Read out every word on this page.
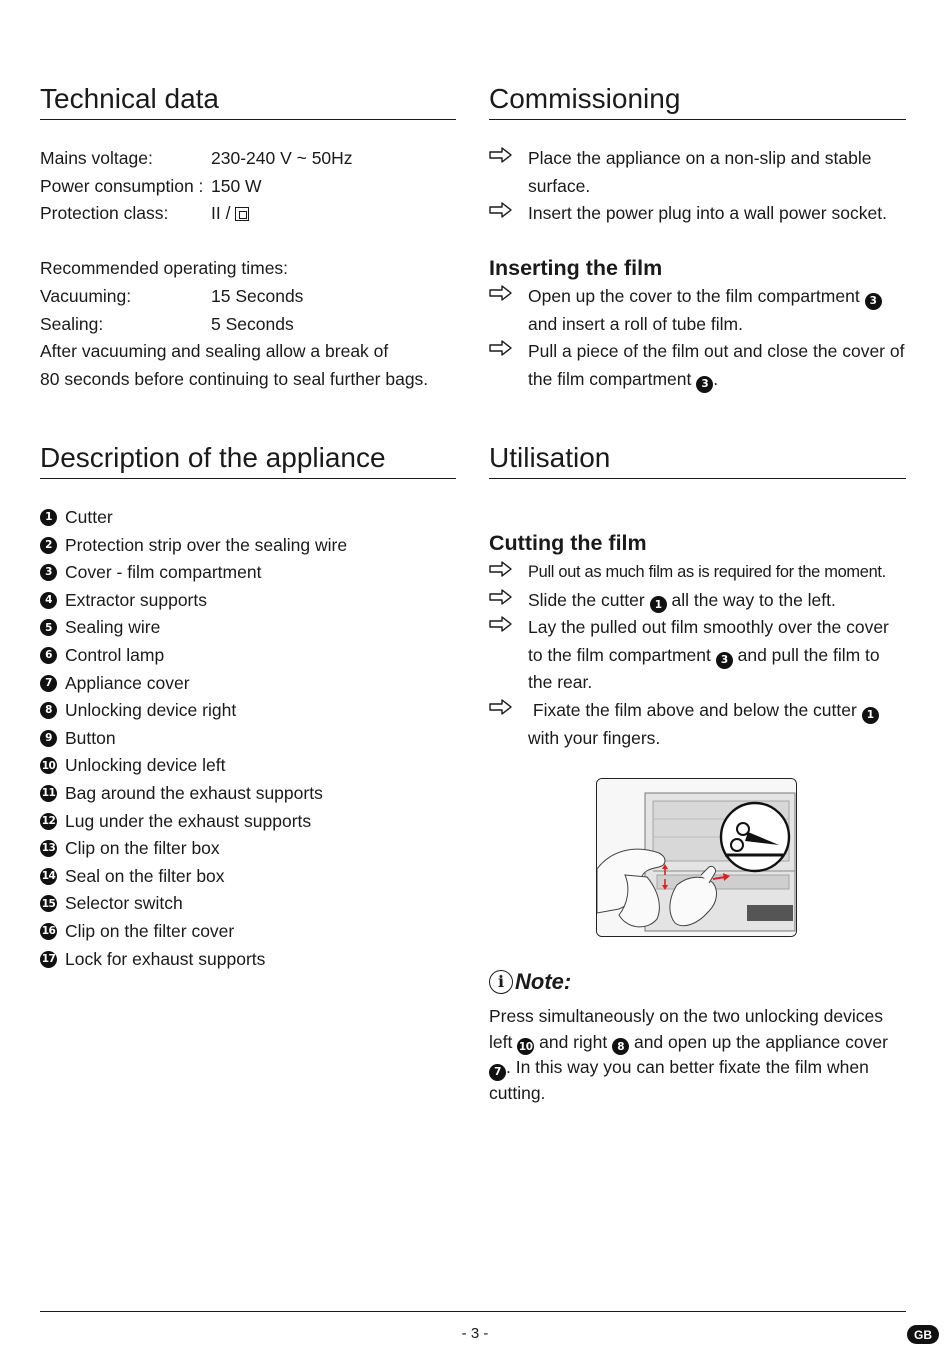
Technical data
Mains voltage:	230-240 V ~ 50Hz
Power consumption : 150 W
Protection class:	II /
Recommended operating times:
Vacuuming:	15 Seconds
Sealing:	5 Seconds
After vacuuming and sealing allow a break of
80 seconds before continuing to seal further bags.
Description of the appliance
1 Cutter
2 Protection strip over the sealing wire
3 Cover - film compartment
4 Extractor supports
5 Sealing wire
6 Control lamp
7 Appliance cover
8 Unlocking device right
9 Button
10 Unlocking device left
11 Bag around the exhaust supports
12 Lug under the exhaust supports
13 Clip on the filter box
14 Seal on the filter box
15 Selector switch
16 Clip on the filter cover
17 Lock for exhaust supports
Commissioning
Place the appliance on a non-slip and stable
surface.
Insert the power plug into a wall power socket.
Inserting the film
Open up the cover to the film compartment 3
and insert a roll of tube film.
Pull a piece of the film out and close the cover of
the film compartment 3 .
Utilisation
Cutting the film
Pull out as much film as is required for the moment.
Slide the cutter 1 all the way to the left.
Lay the pulled out film smoothly over the cover
to the film compartment 3 and pull the film to
the rear.
Fixate the film above and below the cutter 1
with your fingers.
i Note:
Press simultaneously on the two unlocking devices
left 10 and right 8 and open up the appliance cover
7 . In this way you can better fixate the film when
cutting.
- 3 -	GB
